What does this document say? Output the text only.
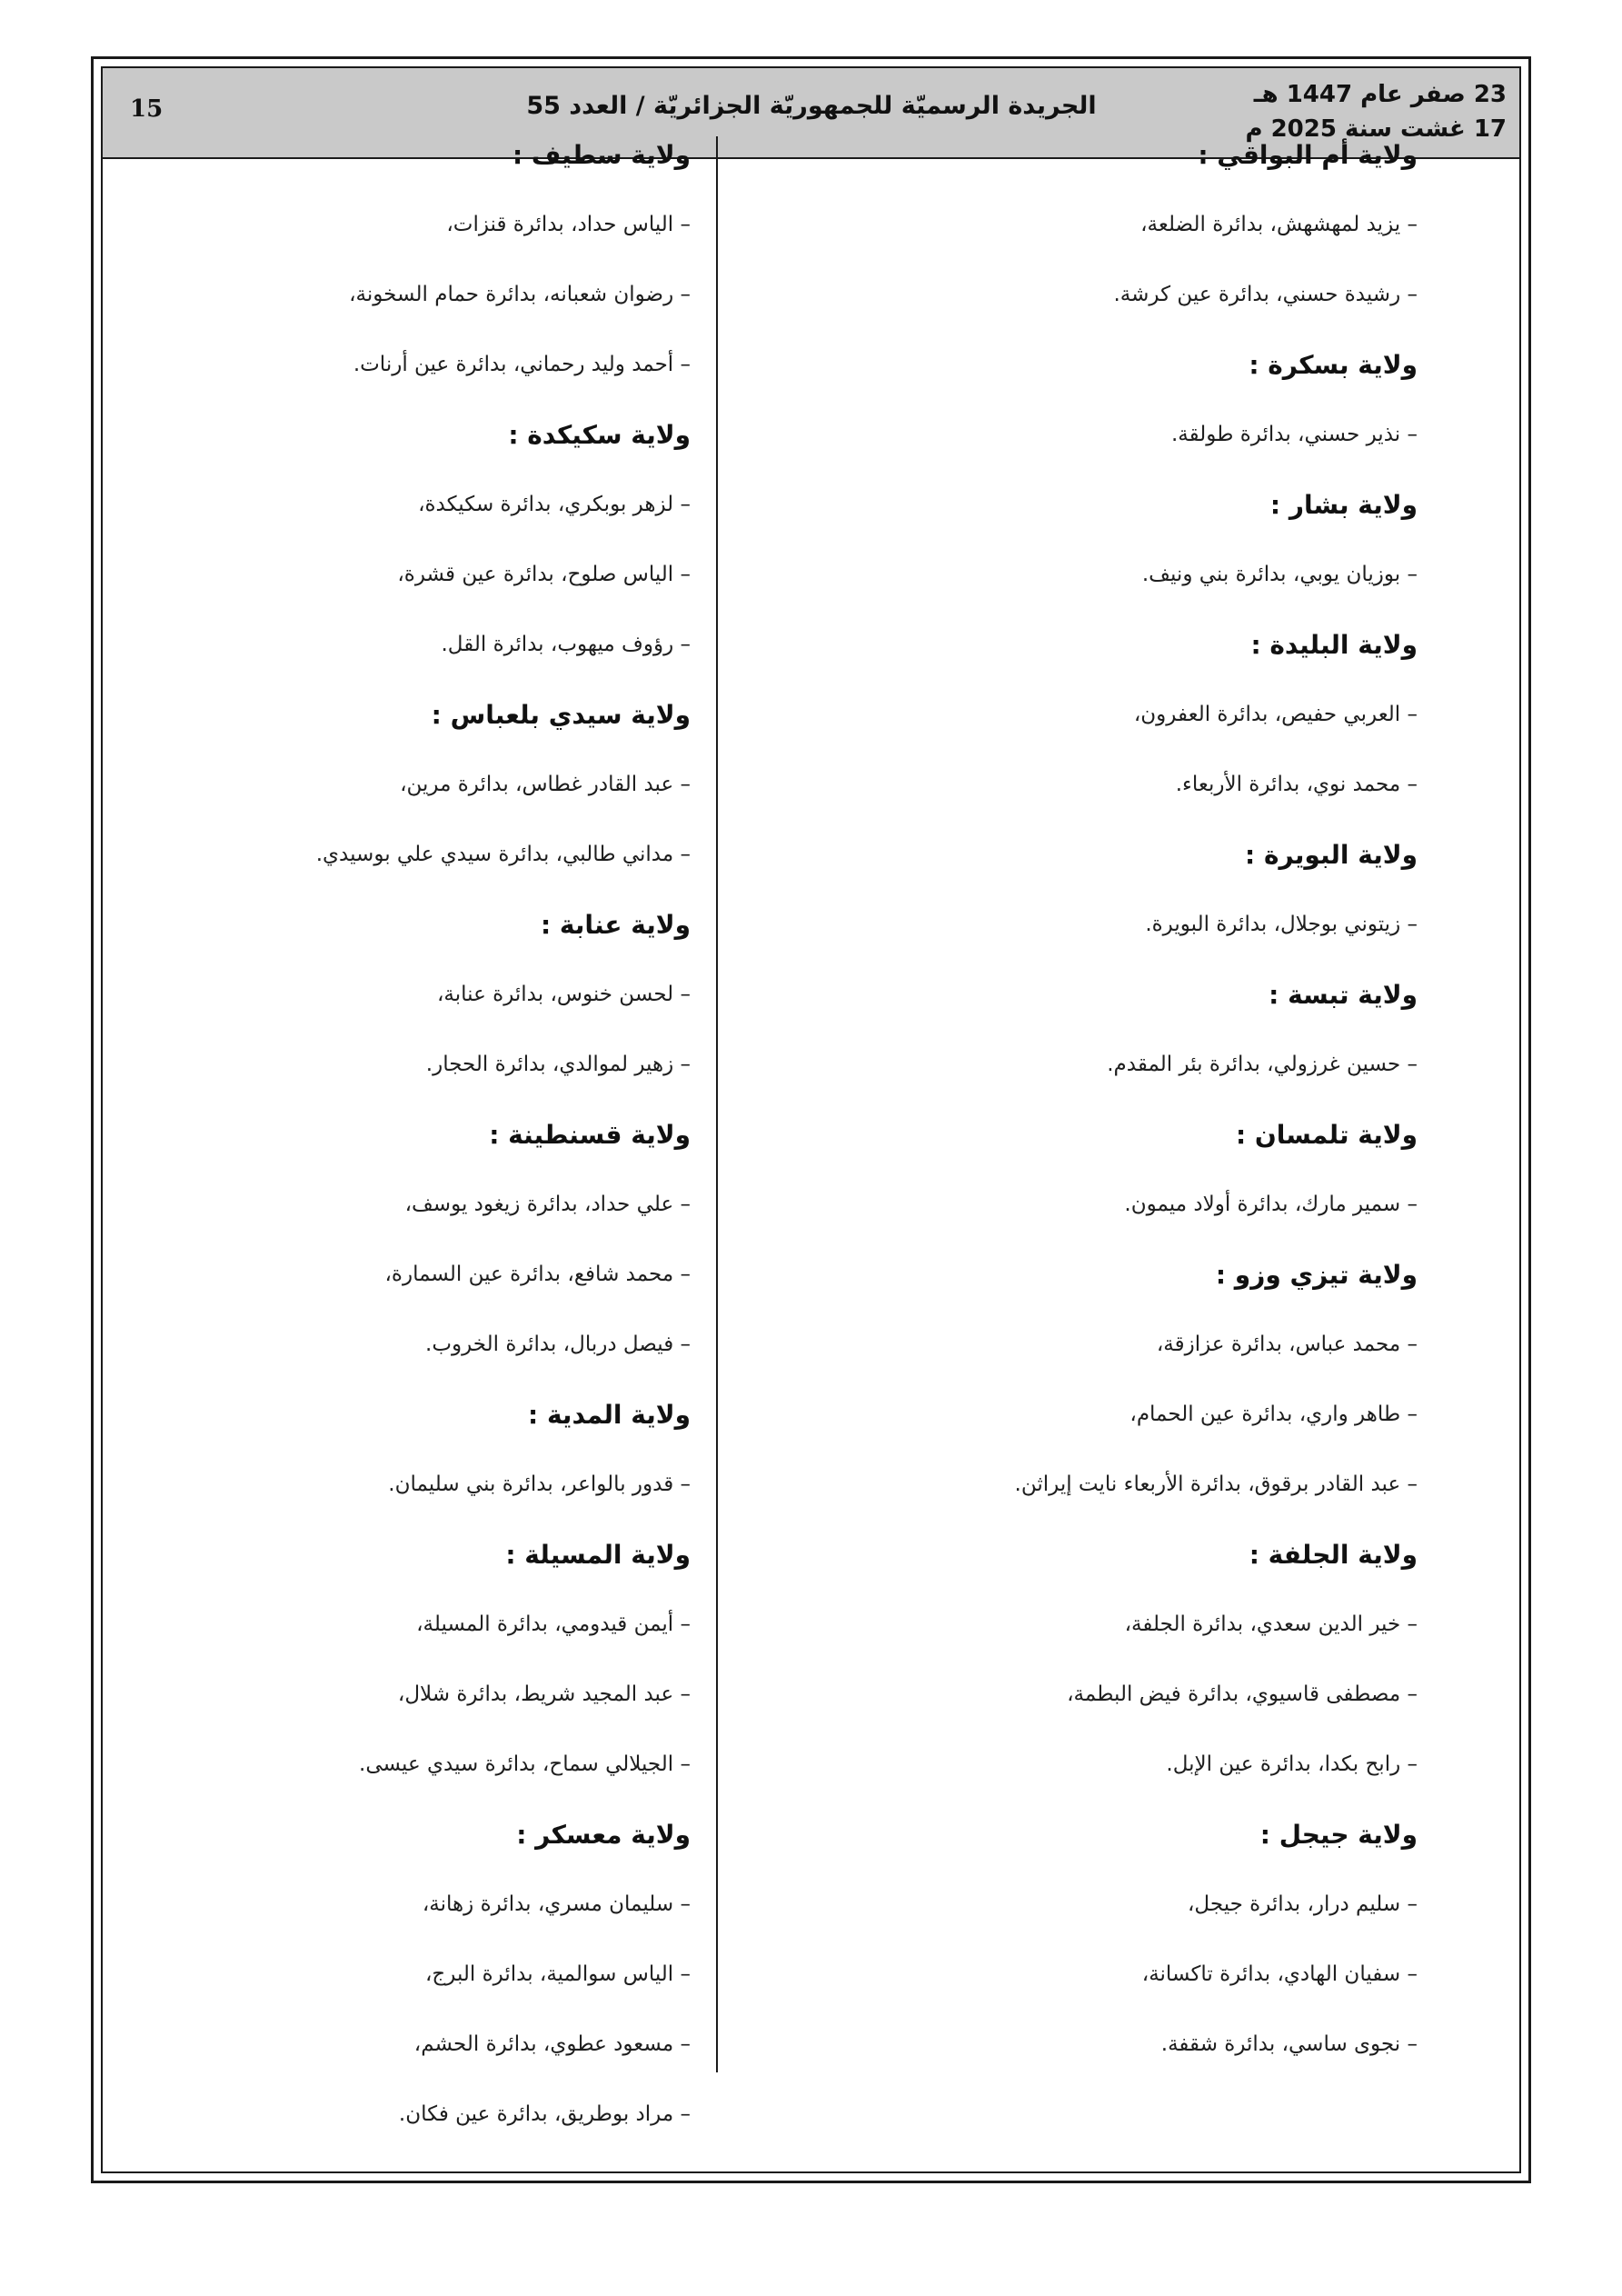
15	الجريدة الرسميّة للجمهوريّة الجزائريّة / العدد 55	23 صفر عام 1447 هـ
17 غشت سنة 2025 م
ولاية أم البواقي :
– يزيد لمهشهش، بدائرة الضلعة،
– رشيدة حسني، بدائرة عين كرشة.
ولاية بسكرة :
– نذير حسني، بدائرة طولقة.
ولاية بشار :
– بوزيان يوبي، بدائرة بني ونيف.
ولاية البليدة :
– العربي حفيص، بدائرة العفرون،
– محمد نوي، بدائرة الأربعاء.
ولاية البويرة :
– زيتوني بوجلال، بدائرة البويرة.
ولاية تبسة :
– حسين غرزولي، بدائرة بئر المقدم.
ولاية تلمسان :
– سمير مارك، بدائرة أولاد ميمون.
ولاية تيزي وزو :
– محمد عباس، بدائرة عزازقة،
– طاهر واري، بدائرة عين الحمام،
– عبد القادر برقوق، بدائرة الأربعاء نايت إيراثن.
ولاية الجلفة :
– خير الدين سعدي، بدائرة الجلفة،
– مصطفى قاسيوي، بدائرة فيض البطمة،
– رابح بكدا، بدائرة عين الإبل.
ولاية جيجل :
– سليم درار، بدائرة جيجل،
– سفيان الهادي، بدائرة تاكسانة،
– نجوى ساسي، بدائرة شقفة.
ولاية سطيف :
– الياس حداد، بدائرة قنزات،
– رضوان شعبانه، بدائرة حمام السخونة،
– أحمد وليد رحماني، بدائرة عين أرنات.
ولاية سكيكدة :
– لزهر بوبكري، بدائرة سكيكدة،
– الياس صلوح، بدائرة عين قشرة،
– رؤوف ميهوب، بدائرة القل.
ولاية سيدي بلعباس :
– عبد القادر غطاس، بدائرة مرين،
– مداني طالبي، بدائرة سيدي علي بوسيدي.
ولاية عنابة :
– لحسن خنوس، بدائرة عنابة،
– زهير لموالدي، بدائرة الحجار.
ولاية قسنطينة :
– علي حداد، بدائرة زيغود يوسف،
– محمد شافع، بدائرة عين السمارة،
– فيصل دربال، بدائرة الخروب.
ولاية المدية :
– قدور بالواعر، بدائرة بني سليمان.
ولاية المسيلة :
– أيمن قيدومي، بدائرة المسيلة،
– عبد المجيد شريط، بدائرة شلال،
– الجيلالي سماح، بدائرة سيدي عيسى.
ولاية معسكر :
– سليمان مسري، بدائرة زهانة،
– الياس سوالمية، بدائرة البرج،
– مسعود عطوي، بدائرة الحشم،
– مراد بوطريق، بدائرة عين فكان.
